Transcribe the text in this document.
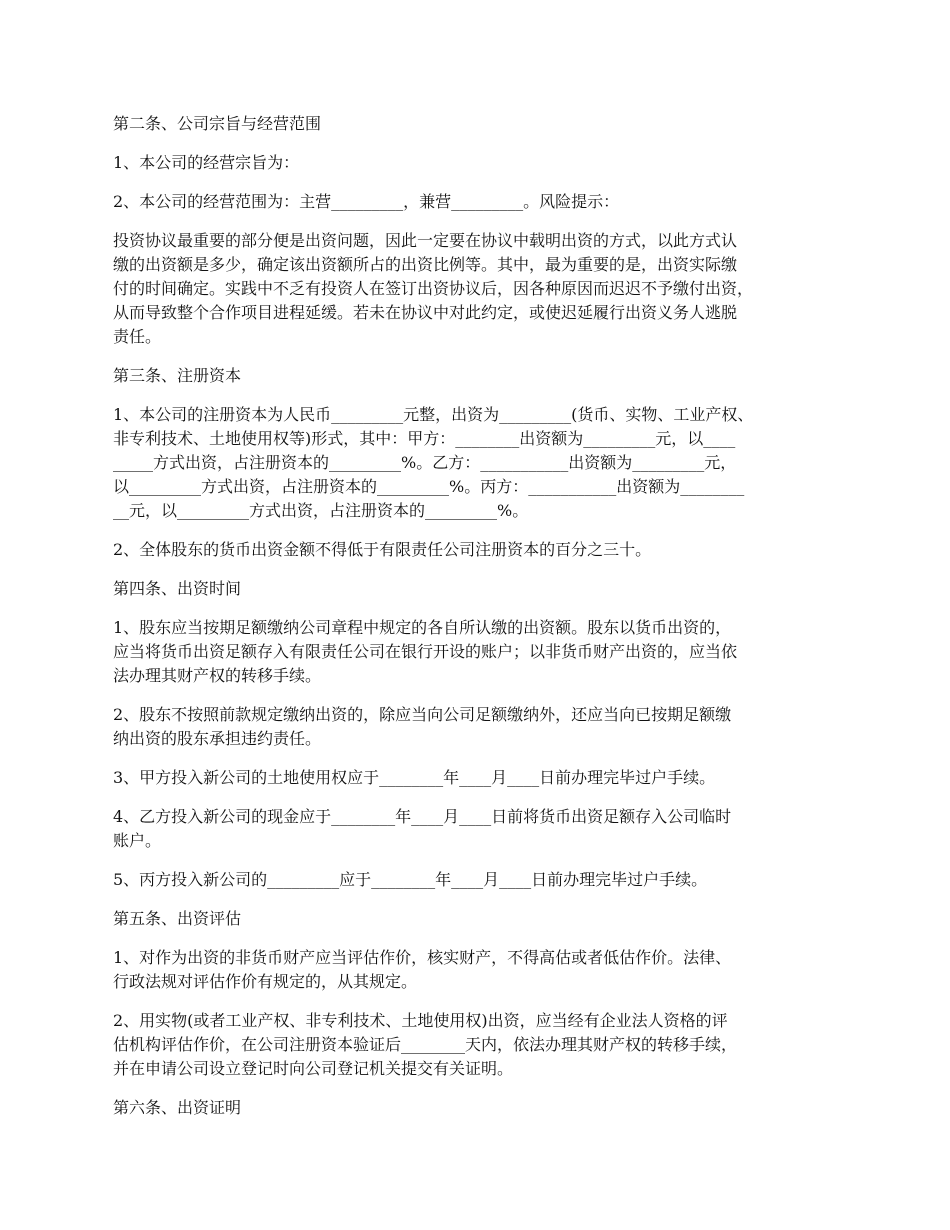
第二条、公司宗旨与经营范围
1、本公司的经营宗旨为：
2、本公司的经营范围为：主营_________，兼营_________。风险提示：
投资协议最重要的部分便是出资问题，因此一定要在协议中载明出资的方式，以此方式认
缴的出资额是多少，确定该出资额所占的出资比例等。其中，最为重要的是，出资实际缴
付的时间确定。实践中不乏有投资人在签订出资协议后，因各种原因而迟迟不予缴付出资，
从而导致整个合作项目进程延缓。若未在协议中对此约定，或使迟延履行出资义务人逃脱
责任。
第三条、注册资本
1、本公司的注册资本为人民币_________元整，出资为_________(货币、实物、工业产权、
非专利技术、土地使用权等)形式，其中：甲方：________出资额为_________元，以____
_____方式出资，占注册资本的_________%。乙方：___________出资额为_________元，
以_________方式出资，占注册资本的_________%。丙方：___________出资额为________
__元，以_________方式出资，占注册资本的_________%。
2、全体股东的货币出资金额不得低于有限责任公司注册资本的百分之三十。
第四条、出资时间
1、股东应当按期足额缴纳公司章程中规定的各自所认缴的出资额。股东以货币出资的，
应当将货币出资足额存入有限责任公司在银行开设的账户；以非货币财产出资的，应当依
法办理其财产权的转移手续。
2、股东不按照前款规定缴纳出资的，除应当向公司足额缴纳外，还应当向已按期足额缴
纳出资的股东承担违约责任。
3、甲方投入新公司的土地使用权应于________年____月____日前办理完毕过户手续。
4、乙方投入新公司的现金应于________年____月____日前将货币出资足额存入公司临时
账户。
5、丙方投入新公司的_________应于________年____月____日前办理完毕过户手续。
第五条、出资评估
1、对作为出资的非货币财产应当评估作价，核实财产，不得高估或者低估作价。法律、
行政法规对评估作价有规定的，从其规定。
2、用实物(或者工业产权、非专利技术、土地使用权)出资，应当经有企业法人资格的评
估机构评估作价，在公司注册资本验证后________天内，依法办理其财产权的转移手续，
并在申请公司设立登记时向公司登记机关提交有关证明。
第六条、出资证明
